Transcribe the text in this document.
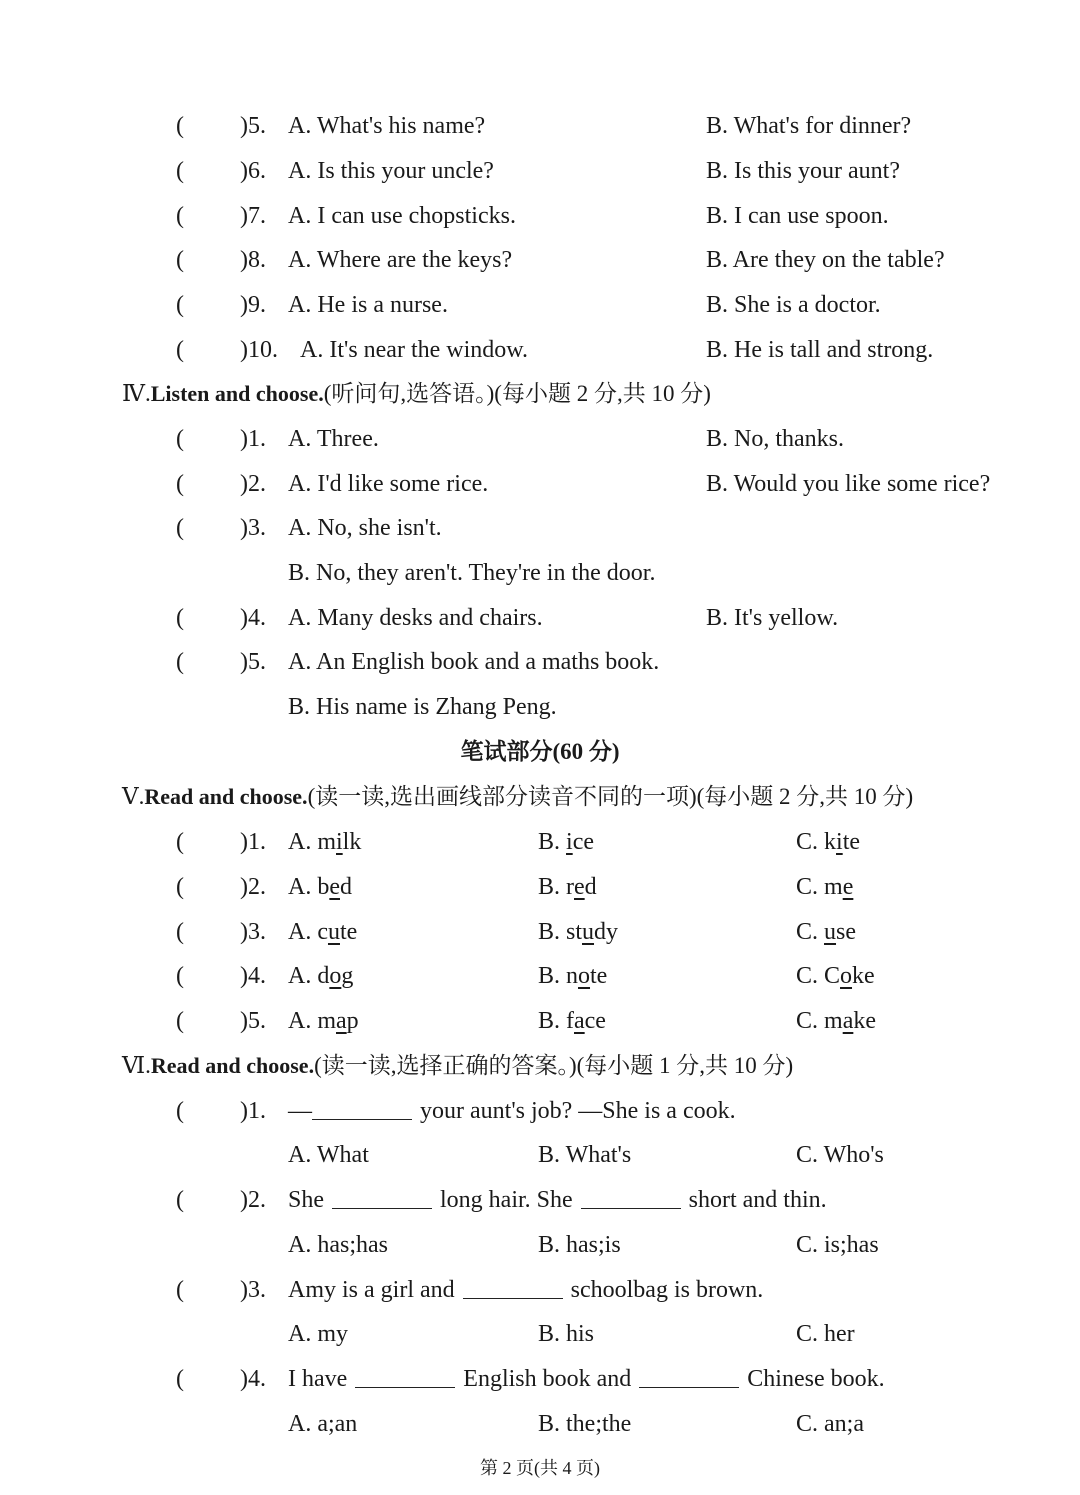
( )5. A. What's his name?	B. What's for dinner?
( )6. A. Is this your uncle?	B. Is this your aunt?
( )7. A. I can use chopsticks.	B. I can use spoon.
( )8. A. Where are the keys?	B. Are they on the table?
( )9. A. He is a nurse.	B. She is a doctor.
( )10. A. It's near the window.	B. He is tall and strong.
Ⅳ.Listen and choose.(听问句,选答语。)(每小题 2 分,共 10 分)
( )1. A. Three.	B. No, thanks.
( )2. A. I'd like some rice.	B. Would you like some rice?
( )3. A. No, she isn't.
B. No, they aren't. They're in the door.
( )4. A. Many desks and chairs.	B. It's yellow.
( )5. A. An English book and a maths book.
B. His name is Zhang Peng.
笔试部分(60 分)
Ⅴ.Read and choose.(读一读,选出画线部分读音不同的一项)(每小题 2 分,共 10 分)
( )1. A. milk	B. ice	C. kite
( )2. A. bed	B. red	C. me
( )3. A. cute	B. study	C. use
( )4. A. dog	B. note	C. Coke
( )5. A. map	B. face	C. make
Ⅵ.Read and choose.(读一读,选择正确的答案。)(每小题 1 分,共 10 分)
( )1. —	your aunt's job? —She is a cook.
A. What	B. What's	C. Who's
( )2. She	long hair. She	short and thin.
A. has;has	B. has;is	C. is;has
( )3. Amy is a girl and	schoolbag is brown.
A. my	B. his	C. her
( )4. I have	English book and	Chinese book.
A. a;an	B. the;the	C. an;a
第 2 页(共 4 页)
